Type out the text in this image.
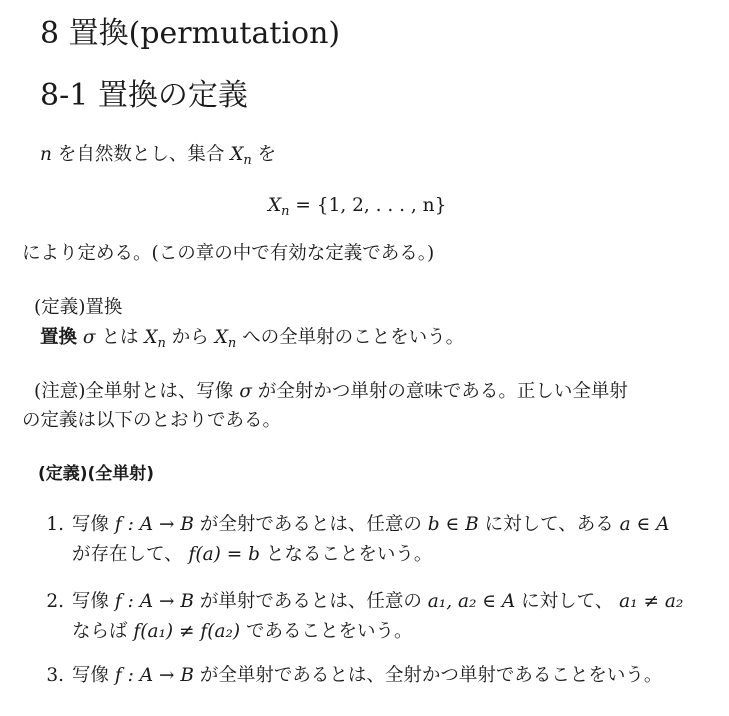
8 置換(permutation)
8-1 置換の定義
n を自然数とし、集合 $X_n$ を
$X_n = \{1$, 2, . . . , n}
により定める。(この章の中で有効な定義である。)
(定義)置換
置換 σ とは $X_n$ から $X_n$ への全単射のことをいう。
(注意)全単射とは、写像 σ が全射かつ単射の意味である。正しい全単射
の定義は以下のとおりである。
(定義)(全単射)
1. 写像 f : A → B が全射であるとは、任意の b ∈ B に対して、ある a ∈ A
が存在して、 f(a) = b となることをいう。
2. 写像 f : A → B が単射であるとは、任意の a₁, a₂ ∈ A に対して、 a₁ ≠ a₂
ならば f(a₁) ≠ f(a₂) であることをいう。
3. 写像 f : A → B が全単射であるとは、全射かつ単射であることをいう。
